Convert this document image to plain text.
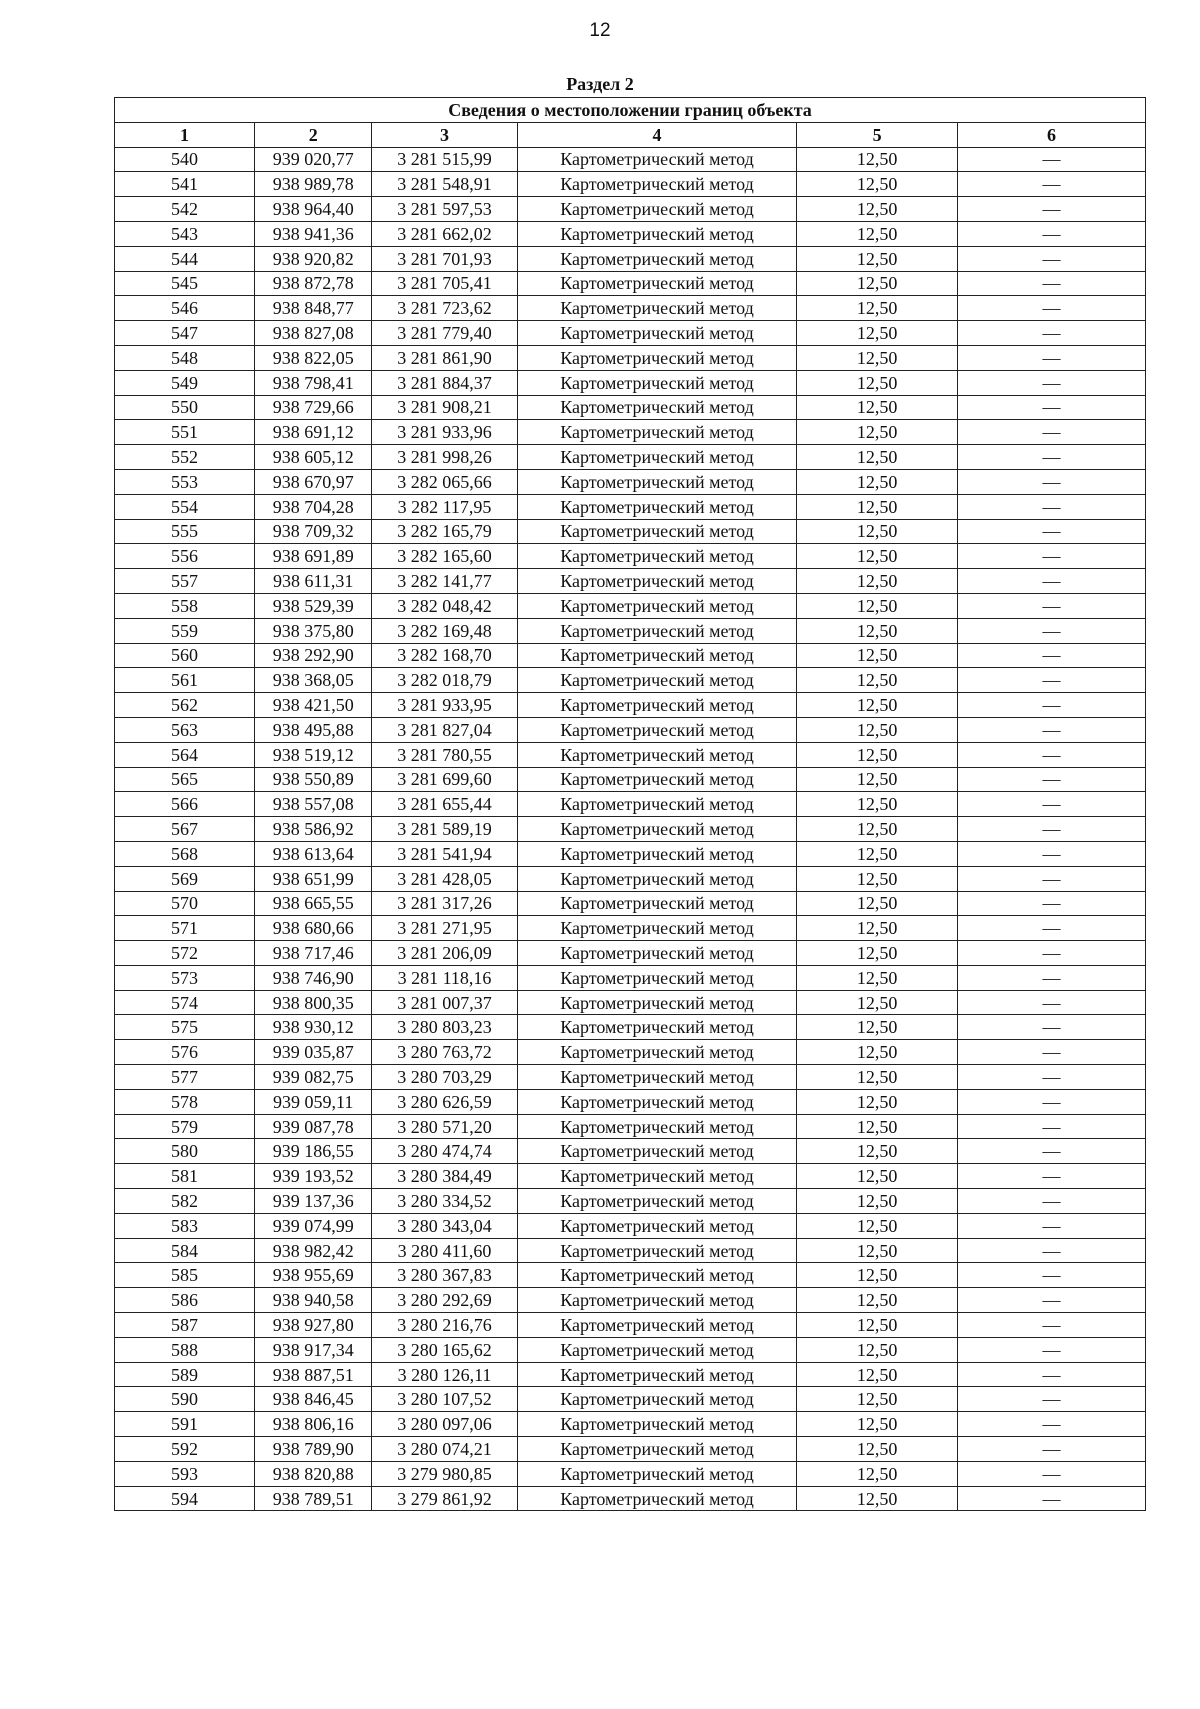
12
Раздел 2
Сведения о местоположении границ объекта					
1	2	3	4	5	6
540	939 020,77	3 281 515,99	Картометрический метод	12,50	—
541	938 989,78	3 281 548,91	Картометрический метод	12,50	—
542	938 964,40	3 281 597,53	Картометрический метод	12,50	—
543	938 941,36	3 281 662,02	Картометрический метод	12,50	—
544	938 920,82	3 281 701,93	Картометрический метод	12,50	—
545	938 872,78	3 281 705,41	Картометрический метод	12,50	—
546	938 848,77	3 281 723,62	Картометрический метод	12,50	—
547	938 827,08	3 281 779,40	Картометрический метод	12,50	—
548	938 822,05	3 281 861,90	Картометрический метод	12,50	—
549	938 798,41	3 281 884,37	Картометрический метод	12,50	—
550	938 729,66	3 281 908,21	Картометрический метод	12,50	—
551	938 691,12	3 281 933,96	Картометрический метод	12,50	—
552	938 605,12	3 281 998,26	Картометрический метод	12,50	—
553	938 670,97	3 282 065,66	Картометрический метод	12,50	—
554	938 704,28	3 282 117,95	Картометрический метод	12,50	—
555	938 709,32	3 282 165,79	Картометрический метод	12,50	—
556	938 691,89	3 282 165,60	Картометрический метод	12,50	—
557	938 611,31	3 282 141,77	Картометрический метод	12,50	—
558	938 529,39	3 282 048,42	Картометрический метод	12,50	—
559	938 375,80	3 282 169,48	Картометрический метод	12,50	—
560	938 292,90	3 282 168,70	Картометрический метод	12,50	—
561	938 368,05	3 282 018,79	Картометрический метод	12,50	—
562	938 421,50	3 281 933,95	Картометрический метод	12,50	—
563	938 495,88	3 281 827,04	Картометрический метод	12,50	—
564	938 519,12	3 281 780,55	Картометрический метод	12,50	—
565	938 550,89	3 281 699,60	Картометрический метод	12,50	—
566	938 557,08	3 281 655,44	Картометрический метод	12,50	—
567	938 586,92	3 281 589,19	Картометрический метод	12,50	—
568	938 613,64	3 281 541,94	Картометрический метод	12,50	—
569	938 651,99	3 281 428,05	Картометрический метод	12,50	—
570	938 665,55	3 281 317,26	Картометрический метод	12,50	—
571	938 680,66	3 281 271,95	Картометрический метод	12,50	—
572	938 717,46	3 281 206,09	Картометрический метод	12,50	—
573	938 746,90	3 281 118,16	Картометрический метод	12,50	—
574	938 800,35	3 281 007,37	Картометрический метод	12,50	—
575	938 930,12	3 280 803,23	Картометрический метод	12,50	—
576	939 035,87	3 280 763,72	Картометрический метод	12,50	—
577	939 082,75	3 280 703,29	Картометрический метод	12,50	—
578	939 059,11	3 280 626,59	Картометрический метод	12,50	—
579	939 087,78	3 280 571,20	Картометрический метод	12,50	—
580	939 186,55	3 280 474,74	Картометрический метод	12,50	—
581	939 193,52	3 280 384,49	Картометрический метод	12,50	—
582	939 137,36	3 280 334,52	Картометрический метод	12,50	—
583	939 074,99	3 280 343,04	Картометрический метод	12,50	—
584	938 982,42	3 280 411,60	Картометрический метод	12,50	—
585	938 955,69	3 280 367,83	Картометрический метод	12,50	—
586	938 940,58	3 280 292,69	Картометрический метод	12,50	—
587	938 927,80	3 280 216,76	Картометрический метод	12,50	—
588	938 917,34	3 280 165,62	Картометрический метод	12,50	—
589	938 887,51	3 280 126,11	Картометрический метод	12,50	—
590	938 846,45	3 280 107,52	Картометрический метод	12,50	—
591	938 806,16	3 280 097,06	Картометрический метод	12,50	—
592	938 789,90	3 280 074,21	Картометрический метод	12,50	—
593	938 820,88	3 279 980,85	Картометрический метод	12,50	—
594	938 789,51	3 279 861,92	Картометрический метод	12,50	—
